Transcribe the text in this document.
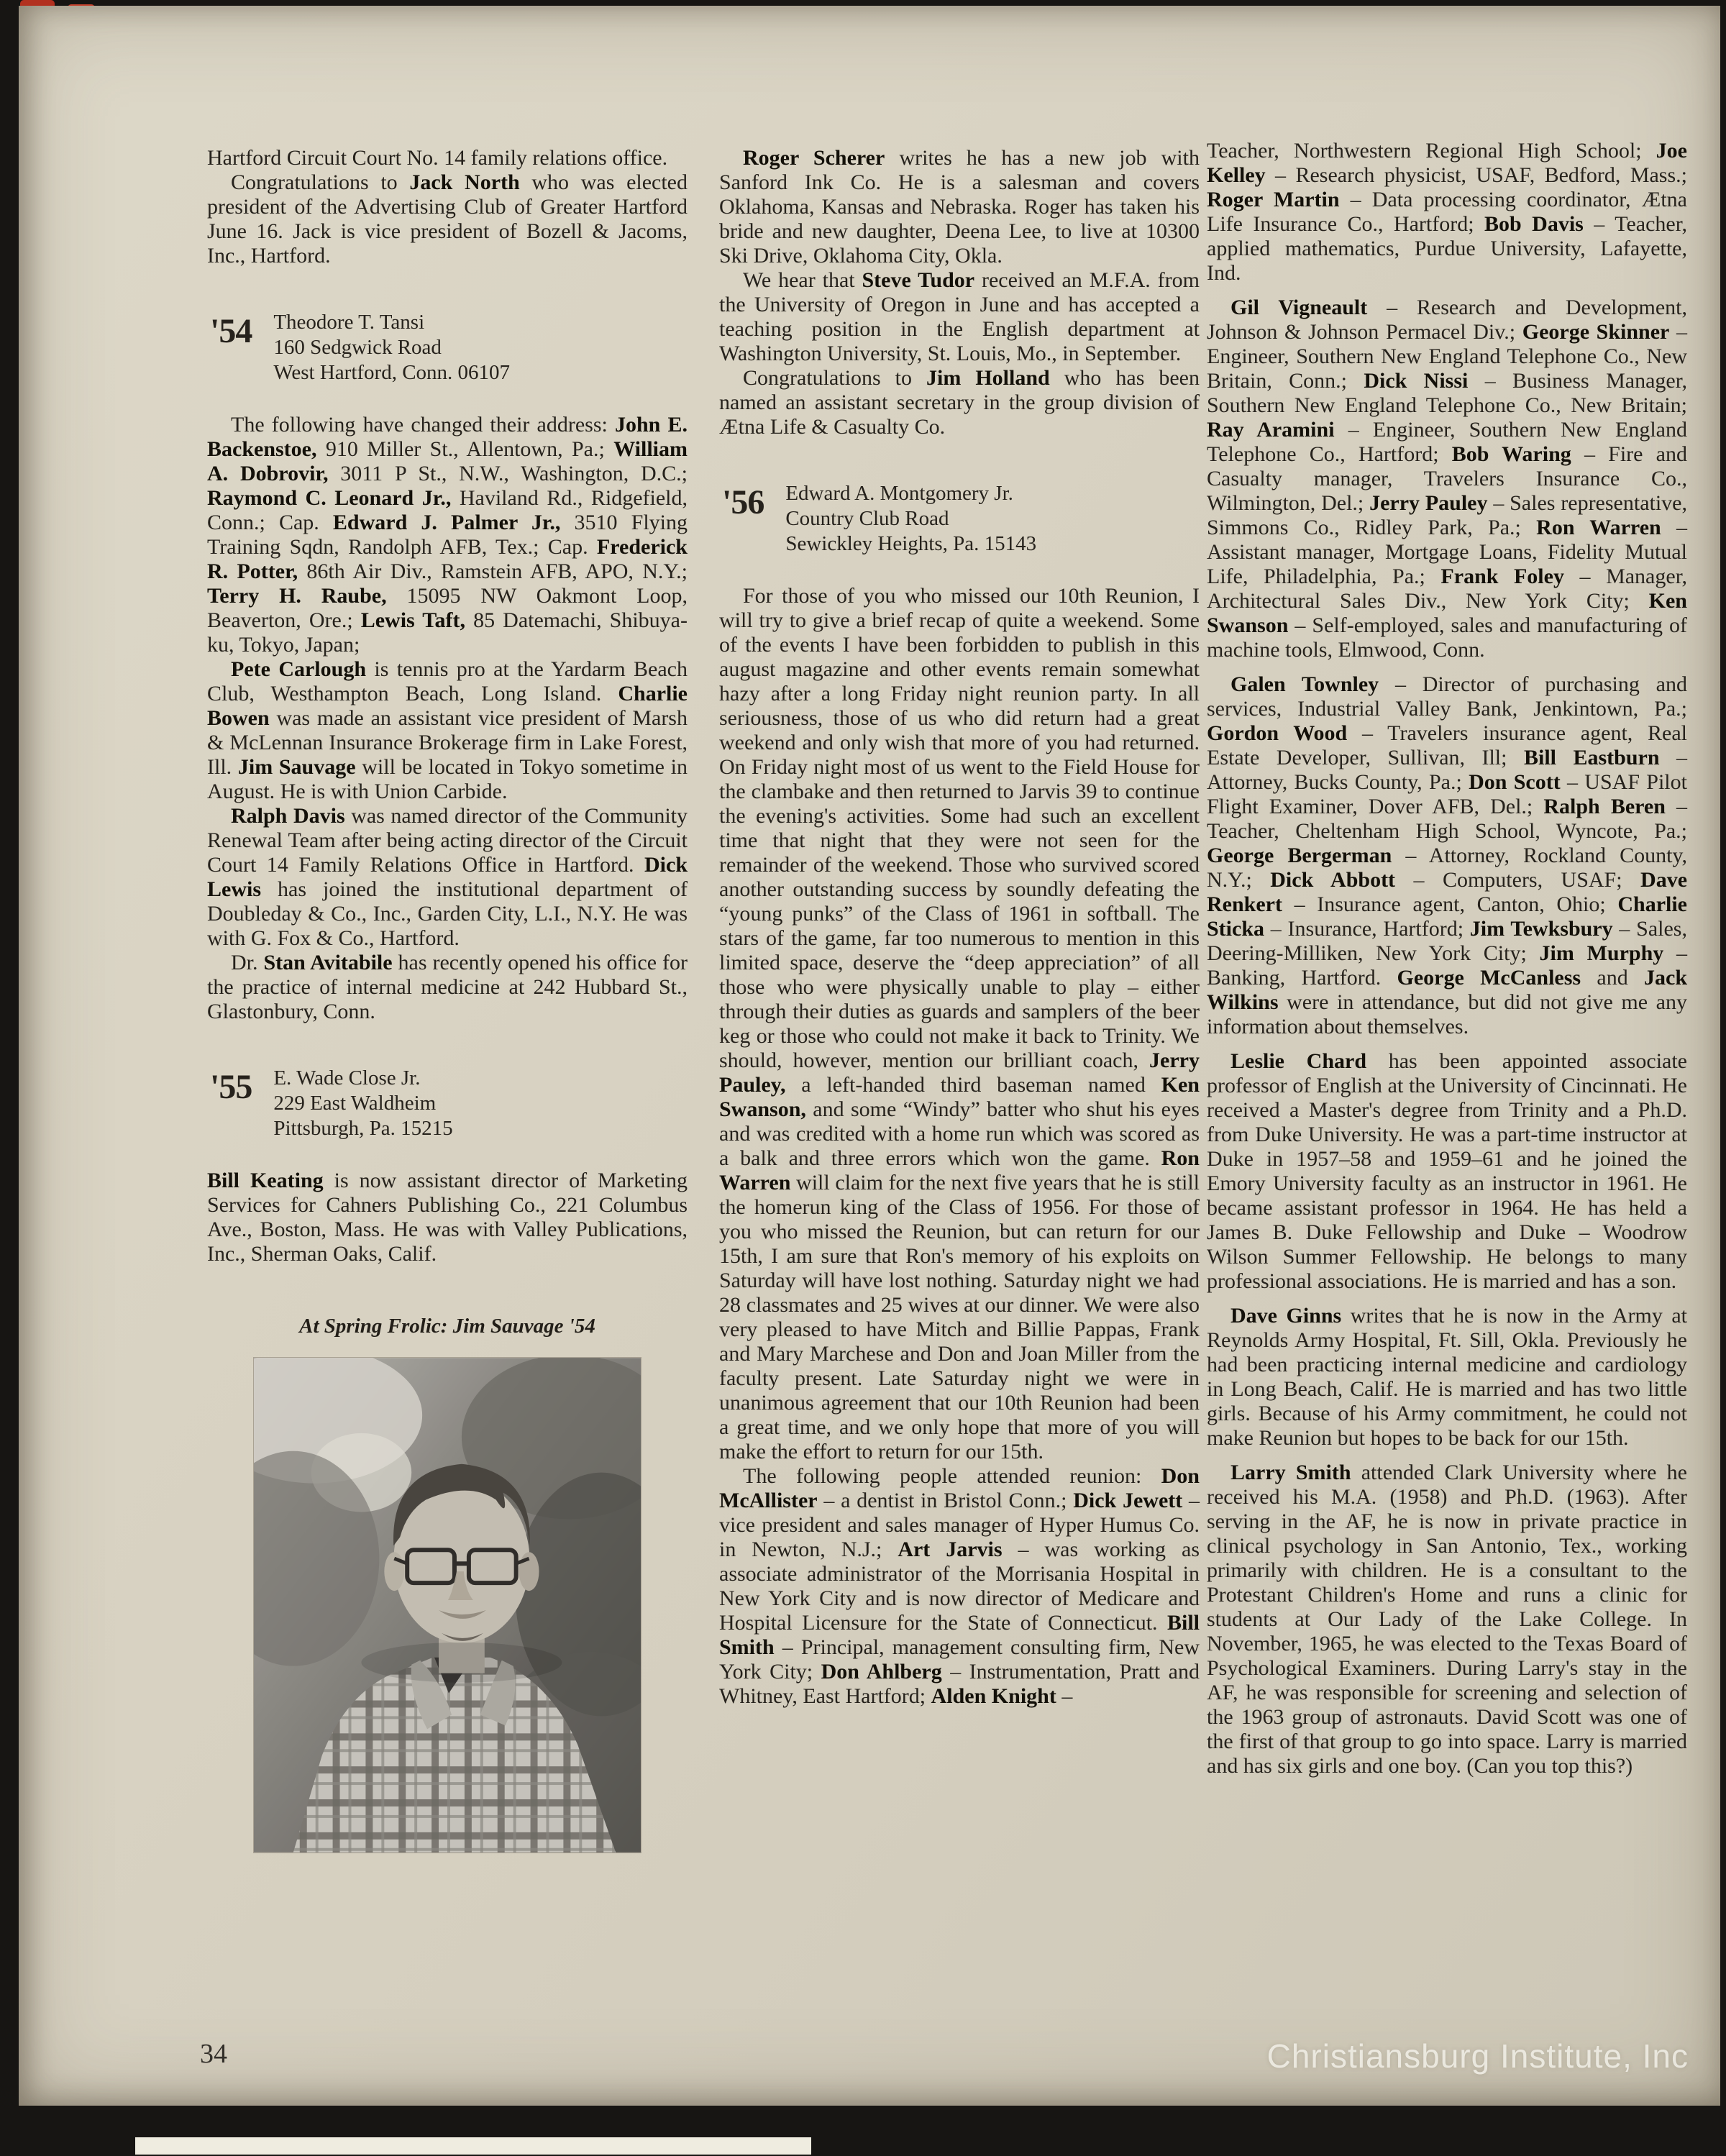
Hartford Circuit Court No. 14 family relations office.

Congratulations to Jack North who was elected president of the Advertising Club of Greater Hartford June 16. Jack is vice president of Bozell & Jacoms, Inc., Hartford.

'54 Theodore T. Tansi
160 Sedgwick Road
West Hartford, Conn. 06107

The following have changed their address: John E. Backenstoe, 910 Miller St., Allentown, Pa.; William A. Dobrovir, 3011 P St., N.W., Washington, D.C.; Raymond C. Leonard Jr., Haviland Rd., Ridgefield, Conn.; Cap. Edward J. Palmer Jr., 3510 Flying Training Sqdn, Randolph AFB, Tex.; Cap. Frederick R. Potter, 86th Air Div., Ramstein AFB, APO, N.Y.; Terry H. Raube, 15095 NW Oakmont Loop, Beaverton, Ore.; Lewis Taft, 85 Datemachi, Shibuya-ku, Tokyo, Japan;

Pete Carlough is tennis pro at the Yardarm Beach Club, Westhampton Beach, Long Island. Charlie Bowen was made an assistant vice president of Marsh & McLennan Insurance Brokerage firm in Lake Forest, Ill. Jim Sauvage will be located in Tokyo sometime in August. He is with Union Carbide.

Ralph Davis was named director of the Community Renewal Team after being acting director of the Circuit Court 14 Family Relations Office in Hartford. Dick Lewis has joined the institutional department of Doubleday & Co., Inc., Garden City, L.I., N.Y. He was with G. Fox & Co., Hartford.

Dr. Stan Avitabile has recently opened his office for the practice of internal medicine at 242 Hubbard St., Glastonbury, Conn.

'55 E. Wade Close Jr.
229 East Waldheim
Pittsburgh, Pa. 15215

Bill Keating is now assistant director of Marketing Services for Cahners Publishing Co., 221 Columbus Ave., Boston, Mass. He was with Valley Publications, Inc., Sherman Oaks, Calif.

At Spring Frolic: Jim Sauvage '54

Roger Scherer writes he has a new job with Sanford Ink Co. He is a salesman and covers Oklahoma, Kansas and Nebraska. Roger has taken his bride and new daughter, Deena Lee, to live at 10300 Ski Drive, Oklahoma City, Okla.

We hear that Steve Tudor received an M.F.A. from the University of Oregon in June and has accepted a teaching position in the English department at Washington University, St. Louis, Mo., in September.

Congratulations to Jim Holland who has been named an assistant secretary in the group division of Ætna Life & Casualty Co.

'56 Edward A. Montgomery Jr.
Country Club Road
Sewickley Heights, Pa. 15143

For those of you who missed our 10th Reunion, I will try to give a brief recap of quite a weekend. Some of the events I have been forbidden to publish in this august magazine and other events remain somewhat hazy after a long Friday night reunion party. In all seriousness, those of us who did return had a great weekend and only wish that more of you had returned. On Friday night most of us went to the Field House for the clambake and then returned to Jarvis 39 to continue the evening's activities. Some had such an excellent time that night that they were not seen for the remainder of the weekend. Those who survived scored another outstanding success by soundly defeating the “young punks” of the Class of 1961 in softball. The stars of the game, far too numerous to mention in this limited space, deserve the “deep appreciation” of all those who were physically unable to play – either through their duties as guards and samplers of the beer keg or those who could not make it back to Trinity. We should, however, mention our brilliant coach, Jerry Pauley, a left-handed third baseman named Ken Swanson, and some “Windy” batter who shut his eyes and was credited with a home run which was scored as a balk and three errors which won the game. Ron Warren will claim for the next five years that he is still the homerun king of the Class of 1956. For those of you who missed the Reunion, but can return for our 15th, I am sure that Ron's memory of his exploits on Saturday will have lost nothing. Saturday night we had 28 classmates and 25 wives at our dinner. We were also very pleased to have Mitch and Billie Pappas, Frank and Mary Marchese and Don and Joan Miller from the faculty present. Late Saturday night we were in unanimous agreement that our 10th Reunion had been a great time, and we only hope that more of you will make the effort to return for our 15th.

The following people attended reunion: Don McAllister – a dentist in Bristol Conn.; Dick Jewett – vice president and sales manager of Hyper Humus Co. in Newton, N.J.; Art Jarvis – was working as associate administrator of the Morrisania Hospital in New York City and is now director of Medicare and Hospital Licensure for the State of Connecticut. Bill Smith – Principal, management consulting firm, New York City; Don Ahlberg – Instrumentation, Pratt and Whitney, East Hartford; Alden Knight –

Teacher, Northwestern Regional High School; Joe Kelley – Research physicist, USAF, Bedford, Mass.; Roger Martin – Data processing coordinator, Ætna Life Insurance Co., Hartford; Bob Davis – Teacher, applied mathematics, Purdue University, Lafayette, Ind.

Gil Vigneault – Research and Development, Johnson & Johnson Permacel Div.; George Skinner – Engineer, Southern New England Telephone Co., New Britain, Conn.; Dick Nissi – Business Manager, Southern New England Telephone Co., New Britain; Ray Aramini – Engineer, Southern New England Telephone Co., Hartford; Bob Waring – Fire and Casualty manager, Travelers Insurance Co., Wilmington, Del.; Jerry Pauley – Sales representative, Simmons Co., Ridley Park, Pa.; Ron Warren – Assistant manager, Mortgage Loans, Fidelity Mutual Life, Philadelphia, Pa.; Frank Foley – Manager, Architectural Sales Div., New York City; Ken Swanson – Self-employed, sales and manufacturing of machine tools, Elmwood, Conn.

Galen Townley – Director of purchasing and services, Industrial Valley Bank, Jenkintown, Pa.; Gordon Wood – Travelers insurance agent, Real Estate Developer, Sullivan, Ill; Bill Eastburn – Attorney, Bucks County, Pa.; Don Scott – USAF Pilot Flight Examiner, Dover AFB, Del.; Ralph Beren – Teacher, Cheltenham High School, Wyncote, Pa.; George Bergerman – Attorney, Rockland County, N.Y.; Dick Abbott – Computers, USAF; Dave Renkert – Insurance agent, Canton, Ohio; Charlie Sticka – Insurance, Hartford; Jim Tewksbury – Sales, Deering-Milliken, New York City; Jim Murphy – Banking, Hartford. George McCanless and Jack Wilkins were in attendance, but did not give me any information about themselves.

Leslie Chard has been appointed associate professor of English at the University of Cincinnati. He received a Master's degree from Trinity and a Ph.D. from Duke University. He was a part-time instructor at Duke in 1957–58 and 1959–61 and he joined the Emory University faculty as an instructor in 1961. He became assistant professor in 1964. He has held a James B. Duke Fellowship and Duke – Woodrow Wilson Summer Fellowship. He belongs to many professional associations. He is married and has a son.

Dave Ginns writes that he is now in the Army at Reynolds Army Hospital, Ft. Sill, Okla. Previously he had been practicing internal medicine and cardiology in Long Beach, Calif. He is married and has two little girls. Because of his Army commitment, he could not make Reunion but hopes to be back for our 15th.

Larry Smith attended Clark University where he received his M.A. (1958) and Ph.D. (1963). After serving in the AF, he is now in private practice in clinical psychology in San Antonio, Tex., working primarily with children. He is a consultant to the Protestant Children's Home and runs a clinic for students at Our Lady of the Lake College. In November, 1965, he was elected to the Texas Board of Psychological Examiners. During Larry's stay in the AF, he was responsible for screening and selection of the 1963 group of astronauts. David Scott was one of the first of that group to go into space. Larry is married and has six girls and one boy. (Can you top this?)

34	Christiansburg Institute, Inc
